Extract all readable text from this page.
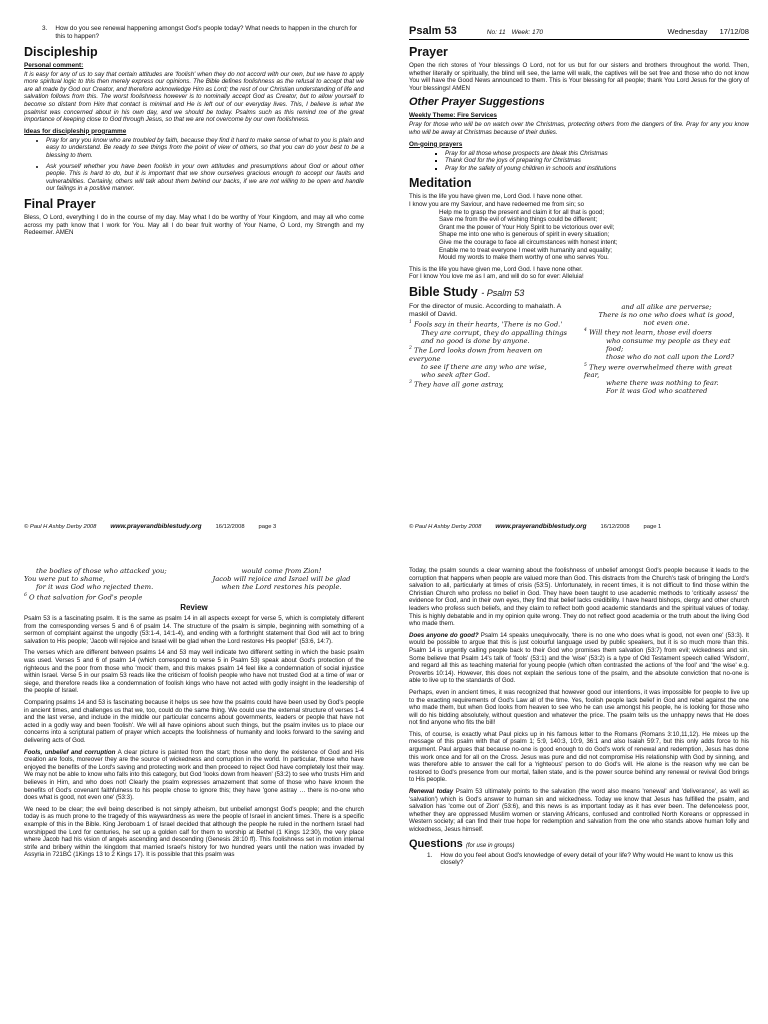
3. How do you see renewal happening amongst God's people today? What needs to happen in the church for this to happen?
Discipleship
Personal comment:

It is easy for any of us to say that certain attitudes are 'foolish' when they do not accord with our own, but we have to apply more spiritual logic to this then merely express our opinions. The Bible defines foolishness as the refusal to accept that we are all made by God our Creator, and therefore acknowledge Him as Lord; the rest of our Christian understanding of life and salvation follows from this. The worst foolishness however is to nominally accept God as Creator, but to allow yourself to become so distant from Him that contact is minimal and He is left out of our everyday lives. This, I believe is what the psalmist was concerned about in his own day, and we should be today. Psalms such as this remind me of the great importance of keeping close to God through Jesus, so that we are not overcome by our own foolishness.

Ideas for discipleship programme
• Pray for any you know who are troubled by faith, because they find it hard to make sense of what to you is plain and easy to understand. Be ready to see things from the point of view of others, so that you can do your best to be a blessing to them.
• Ask yourself whether you have been foolish in your own attitudes and presumptions about God or about other people. This is hard to do, but it is important that we show ourselves gracious enough to accept our faults and vulnerabilities. Certainly, others will talk about them behind our backs, if we are not willing to be open and handle our failings in a positive manner.
Final Prayer

Bless, O Lord, everything I do in the course of my day. May what I do be worthy of Your Kingdom, and may all who come across my path know that I work for You. May all I do bear fruit worthy of Your Name, O Lord, my Strength and my Redeemer. AMEN

© Paul H Ashby Derby 2008 www.prayerandbiblestudy.org 16/12/2008 page 3
Psalm 53	No: 11 Week: 170	Wednesday 17/12/08
Prayer

Open the rich stores of Your blessings O Lord, not for us but for our sisters and brothers throughout the world. Then, whether literally or spiritually, the blind will see, the lame will walk, the captives will be set free and those who do not know You will have the Good News announced to them. This is Your blessing for all people; thank You Lord Jesus for the glory of Your blessings! AMEN

Other Prayer Suggestions
Weekly Theme: Fire Services

Pray for those who will be on watch over the Christmas, protecting others from the dangers of fire. Pray for any you know who will be away at Christmas because of their duties.

On-going prayers
▪ Pray for all those whose prospects are bleak this Christmas
▪ Thank God for the joys of preparing for Christmas
▪ Pray for the safety of young children in schools and institutions
Meditation

This is the life you have given me, Lord God. I have none other.

I know you are my Saviour, and have redeemed me from sin; so

Help me to grasp the present and claim it for all that is good;
Save me from the evil of wishing things could be different;
Grant me the power of Your Holy Spirit to be victorious over evil;
Shape me into one who is generous of spirit in every situation;
Give me the courage to face all circumstances with honest intent;
Enable me to treat everyone I meet with humanity and equality;
Mould my words to make them worthy of one who serves You.

This is the life you have given me, Lord God. I have none other.

For I know You love me as I am, and will do so for ever: Alleluia!

Bible Study - Psalm 53
For the director of music. According to mahalath. A maskil of David.
$^1$ Fools say in their hearts, 'There is no God.'
They are corrupt, they do appalling things
and no good is done by anyone.
$^2$ The Lord looks down from heaven on everyone
to see if there are any who are wise,
who seek after God.
$^3$ They have all gone astray,
and all alike are perverse;
There is no one who does what is good,
not even one.
$^4$ Will they not learn, those evil doers
who consume my people as they eat food;
those who do not call upon the Lord?
$^5$ They were overwhelmed there with great fear,
where there was nothing to fear.
For it was God who scattered
© Paul H Ashby Derby 2008 www.prayerandbiblestudy.org 16/12/2008 page 1
the bodies of those who attacked you;
You were put to shame,
for it was God who rejected them.
$^6$ O that salvation for God's people
would come from Zion!
Jacob will rejoice and Israel will be glad
when the Lord restores his people.
Review

Psalm 53 is a fascinating psalm. It is the same as psalm 14 in all aspects except for verse 5, which is completely different from the corresponding verses 5 and 6 of psalm 14. The structure of the psalm is simple, beginning with something of a sermon of complaint against the ungodly (53:1-4, 14:1-4), and ending with a forthright statement that God will act to bring salvation to His people; 'Jacob will rejoice and Israel will be glad when the Lord restores His people!' (53:6, 14:7).

The verses which are different between psalms 14 and 53 may well indicate two different setting in which the basic psalm was used. Verses 5 and 6 of psalm 14 (which correspond to verse 5 in Psalm 53) speak about God's protection of the righteous and the poor from those who 'mock' them, and this makes psalm 14 feel like a condemnation of social injustice within Israel. Verse 5 in our psalm 53 reads like the criticism of foolish people who have not trusted God at a time of war or siege, and therefore reads like a condemnation of foolish kings who have not acted with godly insight in the leadership of the people of Israel.

Comparing psalms 14 and 53 is fascinating because it helps us see how the psalms could have been used by God's people in ancient times, and challenges us that we, too, could do the same thing. We could use the external structure of verses 1-4 and the last verse, and include in the middle our particular concerns about governments, leaders or people that have not acted in a godly way and been 'foolish'. We will all have opinions about such things, but the psalm invites us to place our concerns into a scriptural pattern of prayer which accepts the foolishness of humanity and looks forward to the saving and delivering acts of God.

Fools, unbelief and corruption A clear picture is painted from the start; those who deny the existence of God and His creation are fools, moreover they are the source of wickedness and corruption in the world. In particular, those who have enjoyed the benefits of the Lord's saving and protecting work and then proceed to reject God have completely lost their way. We may not be able to know who falls into this category, but God 'looks down from heaven' (53:2) to see who trusts Him and believes in Him, and who does not! Clearly the psalm expresses amazement that some of those who have known the benefits of God's covenant faithfulness to his people chose to ignore this; they have 'gone astray … there is no-one who does what is good, not even one' (53:3).

We need to be clear; the evil being described is not simply atheism, but unbelief amongst God's people; and the church today is as much prone to the tragedy of this waywardness as were the people of Israel in ancient times. There is a specific example of this in the Bible. King Jeroboam 1 of Israel decided that although the people he ruled in the northern Israel had worshipped the Lord for centuries, he set up a golden calf for them to worship at Bethel (1 Kings 12:30), the very place where Jacob had his vision of angels ascending and descending (Genesis 28:10 ff). This foolishness set in motion internal strife and bribery within the kingdom that married Israel's history for two hundred years until the nation was invaded by Assyria in 721BC (1Kings 13 to 2 Kings 17). It is possible that this psalm was

Today, the psalm sounds a clear warning about the foolishness of unbelief amongst God's people because it leads to the corruption that happens when people are valued more than God. This distracts from the Church's task of bringing the Lord's salvation to all, particularly at times of crisis (53:5). Unfortunately, in recent times, it is not difficult to find those within the Christian Church who profess no belief in God. They have been taught to use academic methods to 'critically assess' the evidence for God, and in their own eyes, they find that belief lacks credibility. I have heard bishops, clergy and other church leaders who profess such beliefs, and they claim to reflect both good academic standards and the spiritual values of today. This is highly debatable and in my opinion quite wrong. They do not reflect good academia or the truth about the living God who made them.

Does anyone do good? Psalm 14 speaks unequivocally, 'there is no one who does what is good, not even one' (53:3). It would be possible to argue that this is just colourful language used by public speakers, but it is so much more than this. Psalm 14 is urgently calling people back to their God who promises them salvation (53:7) from evil; wickedness and sin. Some believe that Psalm 14's talk of 'fools' (53:1) and the 'wise' (53:2) is a type of Old Testament speech called 'Wisdom', and regard all this as teaching material for young people (which often contrasted the actions of 'the fool' and 'the wise' e.g. Proverbs 10:14). However, this does not explain the serious tone of the psalm, and the absolute conviction that no-one is able to live up to the standards of God.

Perhaps, even in ancient times, it was recognized that however good our intentions, it was impossible for people to live up to the exacting requirements of God's Law all of the time. Yes, foolish people lack belief in God and rebel against the one who made them, but when God looks from heaven to see who he can use amongst his people, he is looking for those who will do his bidding absolutely, without question and whatever the price. The psalm tells us the unhappy news that He does not find anyone who fits the bill!

This, of course, is exactly what Paul picks up in his famous letter to the Romans (Romans 3:10,11,12). He mixes up the message of this psalm with that of psalm 1; 5:9, 140:3, 10:9, 36:1 and also Isaiah 59:7, but this only adds force to his argument. Paul argues that because no-one is good enough to do God's work of renewal and redemption, Jesus has done this work once and for all on the Cross. Jesus was pure and did not compromise His relationship with God by sinning, and was therefore able to answer the call for a 'righteous' person to do God's will. He alone is the reason why we can be restored to God's presence from our mortal, fallen state, and is the power source behind any renewal or revival God brings to His people.

Renewal today Psalm 53 ultimately points to the salvation (the word also means 'renewal' and 'deliverance', as well as 'salvation') which is God's answer to human sin and wickedness. Today we know that Jesus has fulfilled the psalm, and salvation has 'come out of Zion' (53:6), and this news is as important today as it has ever been. The defenceless poor, whether they are oppressed Muslim women or starving Africans, confused and controlled North Koreans or oppressed in Western society; all can find their true hope for redemption and salvation from the one who stands above human folly and wickedness, Jesus himself.

Questions (for use in groups)
1. How do you feel about God's knowledge of every detail of your life? Why would He want to know us this closely?
